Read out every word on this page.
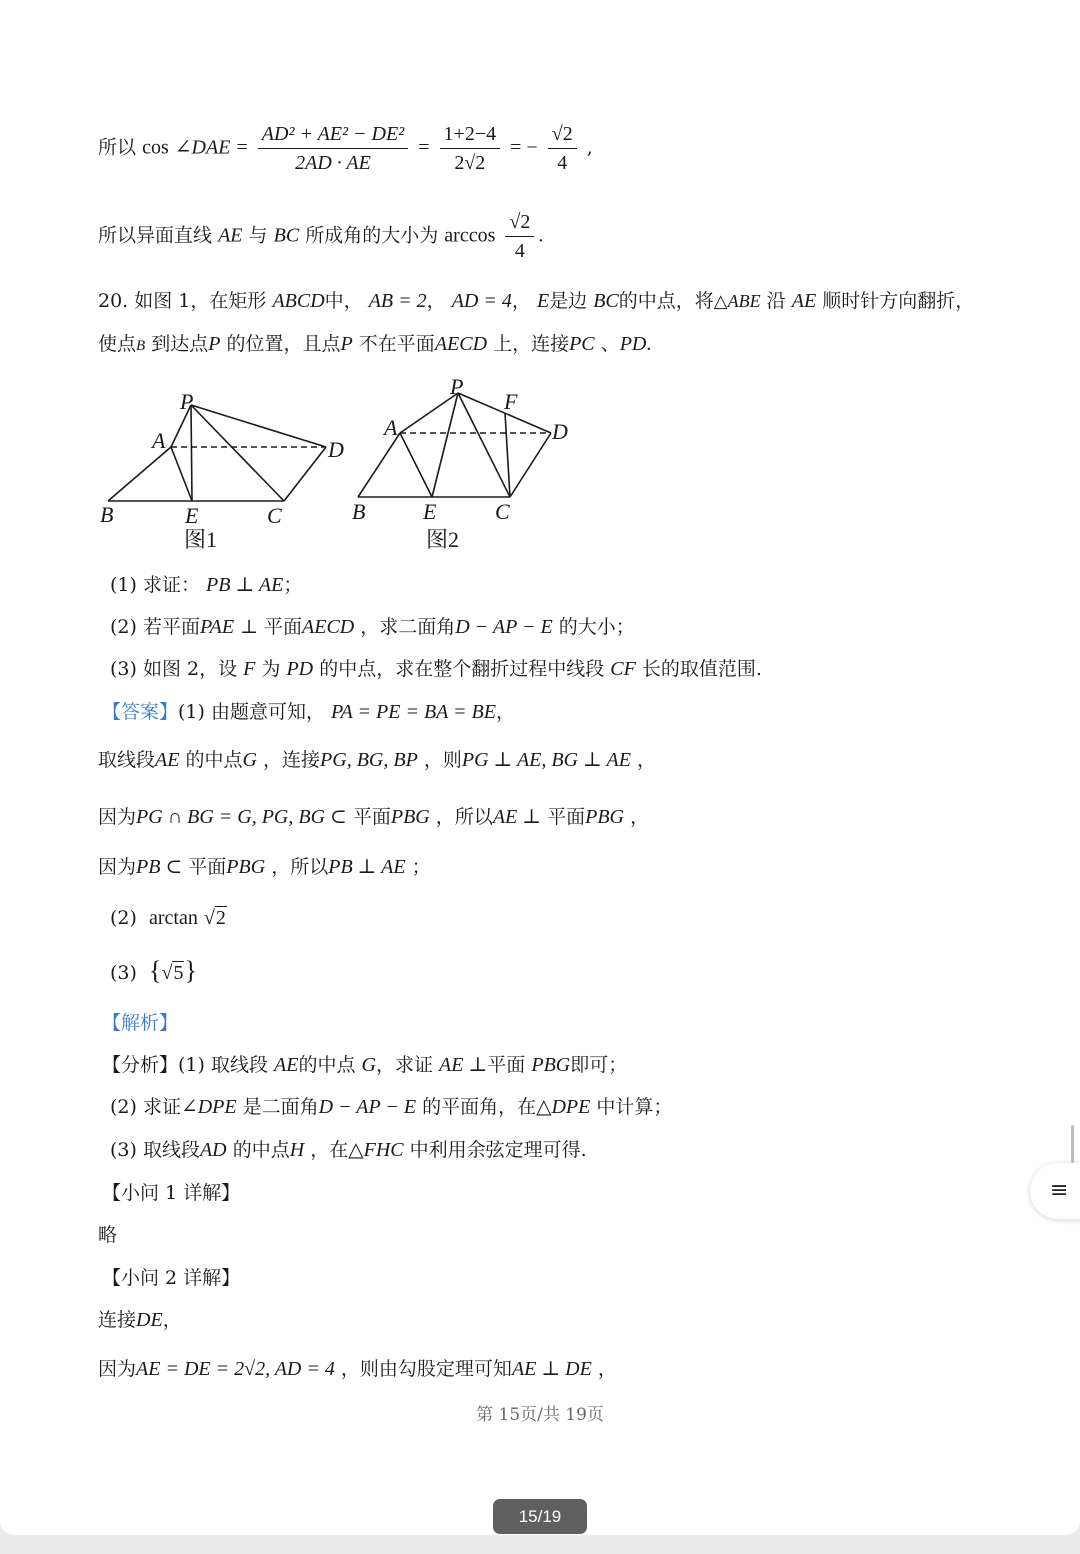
所以 cos ∠DAE = $\frac{\text{AD² + AE² − DE²}}{2AD \cdot AE} = \frac{1+2-4}{2√2}$ = − $\frac{√2}{4}$ ,
所以异面直线 AE 与 BC 所成角的大小为 $\arccos \frac{√2}{4}$ .
20. 如图 1，在矩形 ABCD中， AB = 2， AD = 4， E是边 BC的中点，将△ABE 沿 AE 顺时针方向翻折，
使点B 到达点P 的位置，且点P 不在平面AECD 上，连接PC 、PD.
P
A	D
B	E	C
图1
P
F
A	D
B	E	C
图2
(1) 求证： PB ⊥ AE；
(2) 若平面PAE ⊥ 平面AECD ，求二面角D − AP − E 的大小；
(3) 如图 2，设 F 为 PD 的中点，求在整个翻折过程中线段 CF 长的取值范围.
【答案】(1) 由题意可知， PA = PE = BA = BE，
取线段AE 的中点G ，连接PG, BG, BP ，则PG ⊥ AE, BG ⊥ AE ，
因为PG ∩ BG = G, PG, BG ⊂ 平面PBG ，所以AE ⊥ 平面PBG ，
因为PB ⊂ 平面PBG ，所以PB ⊥ AE ；
(2) arctan √2
(3) {√5}
【解析】
【分析】(1) 取线段 AE的中点 G，求证 AE ⊥平面 PBG即可；
(2) 求证∠DPE 是二面角D − AP − E 的平面角，在△DPE 中计算；
(3) 取线段AD 的中点H ，在△FHC 中利用余弦定理可得.
【小问 1 详解】
略
【小问 2 详解】
连接DE，
因为AE = DE = 2√2, AD = 4 ，则由勾股定理可知AE ⊥ DE ，
第 15页/共 19页
≡
15/19
